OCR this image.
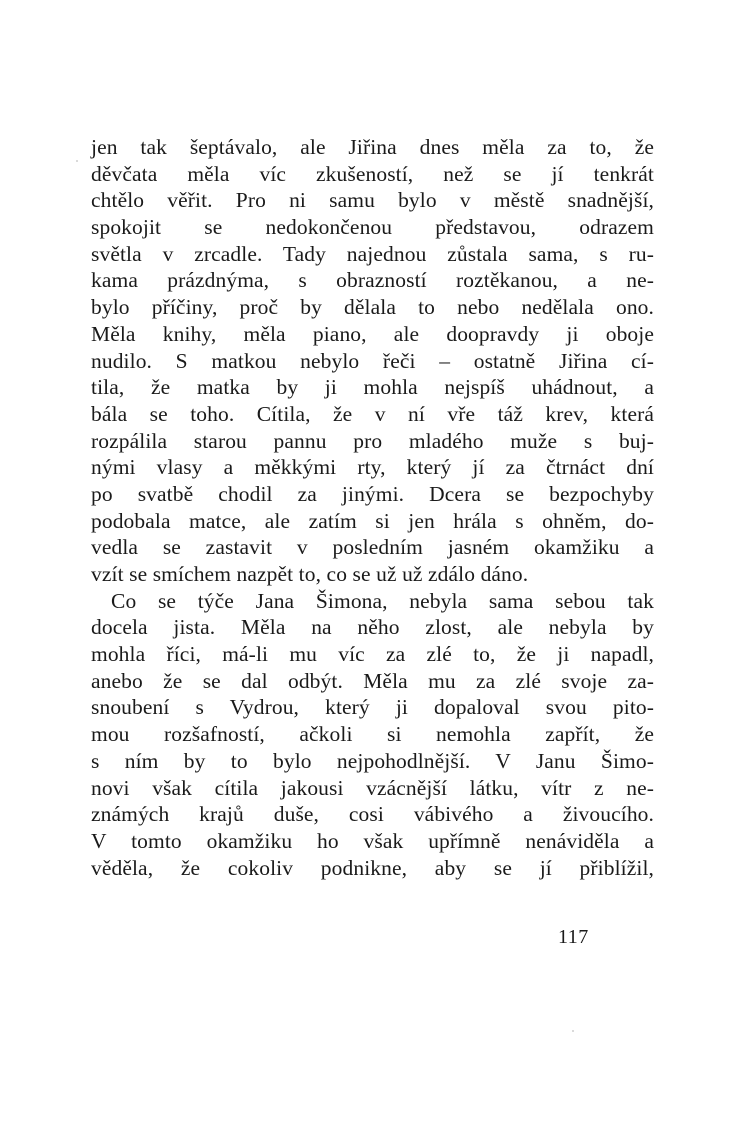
jen tak šeptávalo, ale Jiřina dnes měla za to, že
děvčata měla víc zkušeností, než se jí tenkrát
chtělo věřit. Pro ni samu bylo v městě snadnější,
spokojit se nedokončenou představou, odrazem
světla v zrcadle. Tady najednou zůstala sama, s ru-
kama prázdnýma, s obrazností roztěkanou, a ne-
bylo příčiny, proč by dělala to nebo nedělala ono.
Měla knihy, měla piano, ale doopravdy ji oboje
nudilo. S matkou nebylo řeči – ostatně Jiřina cí-
tila, že matka by ji mohla nejspíš uhádnout, a
bála se toho. Cítila, že v ní vře táž krev, která
rozpálila starou pannu pro mladého muže s buj-
nými vlasy a měkkými rty, který jí za čtrnáct dní
po svatbě chodil za jinými. Dcera se bezpochyby
podobala matce, ale zatím si jen hrála s ohněm, do-
vedla se zastavit v posledním jasném okamžiku a
vzít se smíchem nazpět to, co se už už zdálo dáno.
Co se týče Jana Šimona, nebyla sama sebou tak
docela jista. Měla na něho zlost, ale nebyla by
mohla říci, má-li mu víc za zlé to, že ji napadl,
anebo že se dal odbýt. Měla mu za zlé svoje za-
snoubení s Vydrou, který ji dopaloval svou pito-
mou rozšafností, ačkoli si nemohla zapřít, že
s ním by to bylo nejpohodlnější. V Janu Šimo-
novi však cítila jakousi vzácnější látku, vítr z ne-
známých krajů duše, cosi vábivého a živoucího.
V tomto okamžiku ho však upřímně nenáviděla a
věděla, že cokoliv podnikne, aby se jí přiblížil,
117
